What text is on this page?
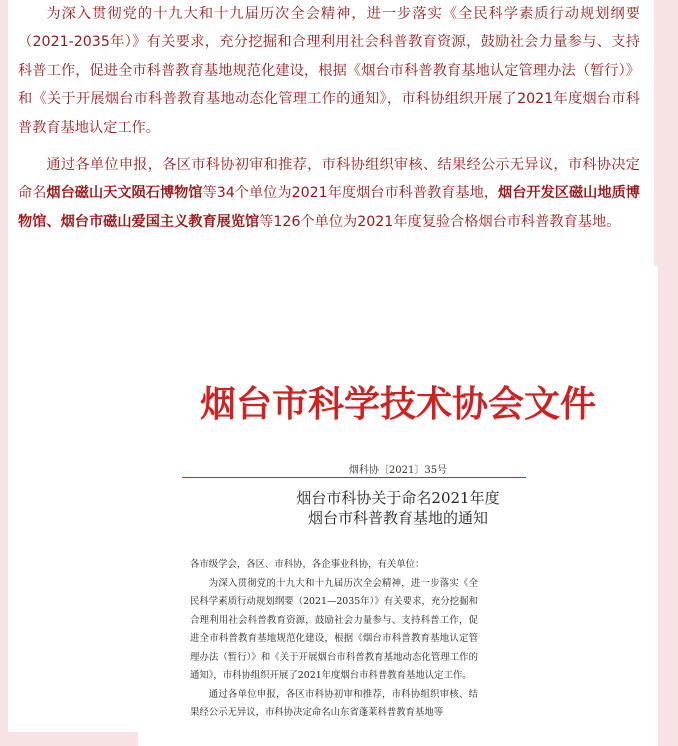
为深入贯彻党的十九大和十九届历次全会精神，进一步落实《全民科学素质行动规划纲要（2021-2035年）》有关要求，充分挖掘和合理利用社会科普教育资源，鼓励社会力量参与、支持科普工作，促进全市科普教育基地规范化建设，根据《烟台市科普教育基地认定管理办法（暂行）》和《关于开展烟台市科普教育基地动态化管理工作的通知》，市科协组织开展了2021年度烟台市科普教育基地认定工作。

通过各单位申报，各区市科协初审和推荐，市科协组织审核、结果经公示无异议，市科协决定命名烟台磁山天文陨石博物馆等34个单位为2021年度烟台市科普教育基地，烟台开发区磁山地质博物馆、烟台市磁山爱国主义教育展览馆等126个单位为2021年度复验合格烟台市科普教育基地。

烟台市科学技术协会文件
烟科协〔2021〕35号
烟台市科协关于命名2021年度
烟台市科普教育基地的通知

各市级学会，各区、市科协，各企事业科协，有关单位：

为深入贯彻党的十九大和十九届历次全会精神，进一步落实《全民科学素质行动规划纲要（2021—2035年）》有关要求，充分挖掘和合理利用社会科普教育资源，鼓励社会力量参与、支持科普工作，促进全市科普教育基地规范化建设，根据《烟台市科普教育基地认定管理办法（暂行）》和《关于开展烟台市科普教育基地动态化管理工作的通知》，市科协组织开展了2021年度烟台市科普教育基地认定工作。

通过各单位申报，各区市科协初审和推荐，市科协组织审核、结果经公示无异议，市科协决定命名山东省蓬莱科普教育基地等
